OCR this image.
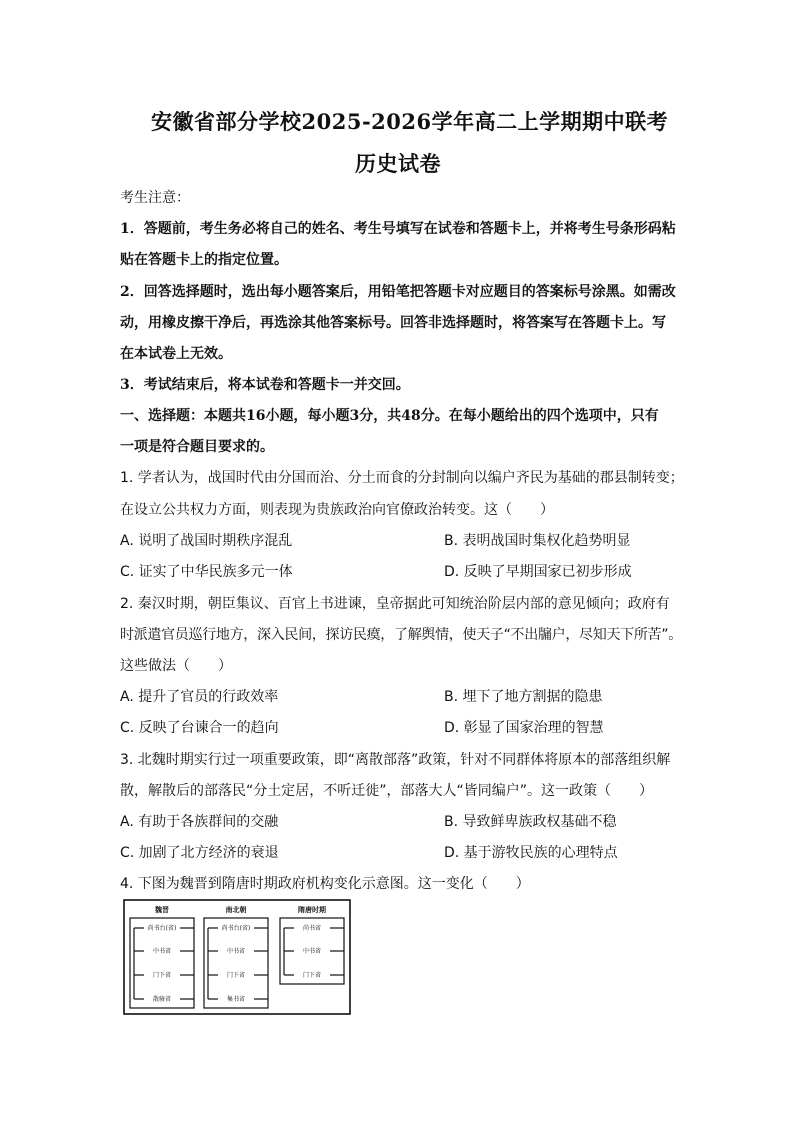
安徽省部分学校2025-2026学年高二上学期期中联考
历史试卷
考生注意：
1．答题前，考生务必将自己的姓名、考生号填写在试卷和答题卡上，并将考生号条形码粘
贴在答题卡上的指定位置。
2．回答选择题时，选出每小题答案后，用铅笔把答题卡对应题目的答案标号涂黑。如需改
动，用橡皮擦干净后，再选涂其他答案标号。回答非选择题时，将答案写在答题卡上。写
在本试卷上无效。
3．考试结束后，将本试卷和答题卡一并交回。
一、选择题：本题共16小题，每小题3分，共48分。在每小题给出的四个选项中，只有
一项是符合题目要求的。
1. 学者认为，战国时代由分国而治、分土而食的分封制向以编户齐民为基础的郡县制转变；
在设立公共权力方面，则表现为贵族政治向官僚政治转变。这（　　）
A. 说明了战国时期秩序混乱	B. 表明战国时集权化趋势明显
C. 证实了中华民族多元一体	D. 反映了早期国家已初步形成
2. 秦汉时期，朝臣集议、百官上书进谏，皇帝据此可知统治阶层内部的意见倾向；政府有
时派遣官员巡行地方，深入民间，探访民瘼，了解舆情，使天子“不出牖户，尽知天下所苦”。
这些做法（　　）
A. 提升了官员的行政效率	B. 埋下了地方割据的隐患
C. 反映了台谏合一的趋向	D. 彰显了国家治理的智慧
3. 北魏时期实行过一项重要政策，即“离散部落”政策，针对不同群体将原本的部落组织解
散，解散后的部落民“分土定居，不听迁徙”，部落大人“皆同编户”。这一政策（　　）
A. 有助于各族群间的交融	B. 导致鲜卑族政权基础不稳
C. 加剧了北方经济的衰退	D. 基于游牧民族的心理特点
4. 下图为魏晋到隋唐时期政府机构变化示意图。这一变化（　　）
魏晋
尚书台(省)
中书省
门下省
散骑省
南北朝
尚书台(省)
中书省
门下省
集书省
隋唐时期
尚书省
中书省
门下省
